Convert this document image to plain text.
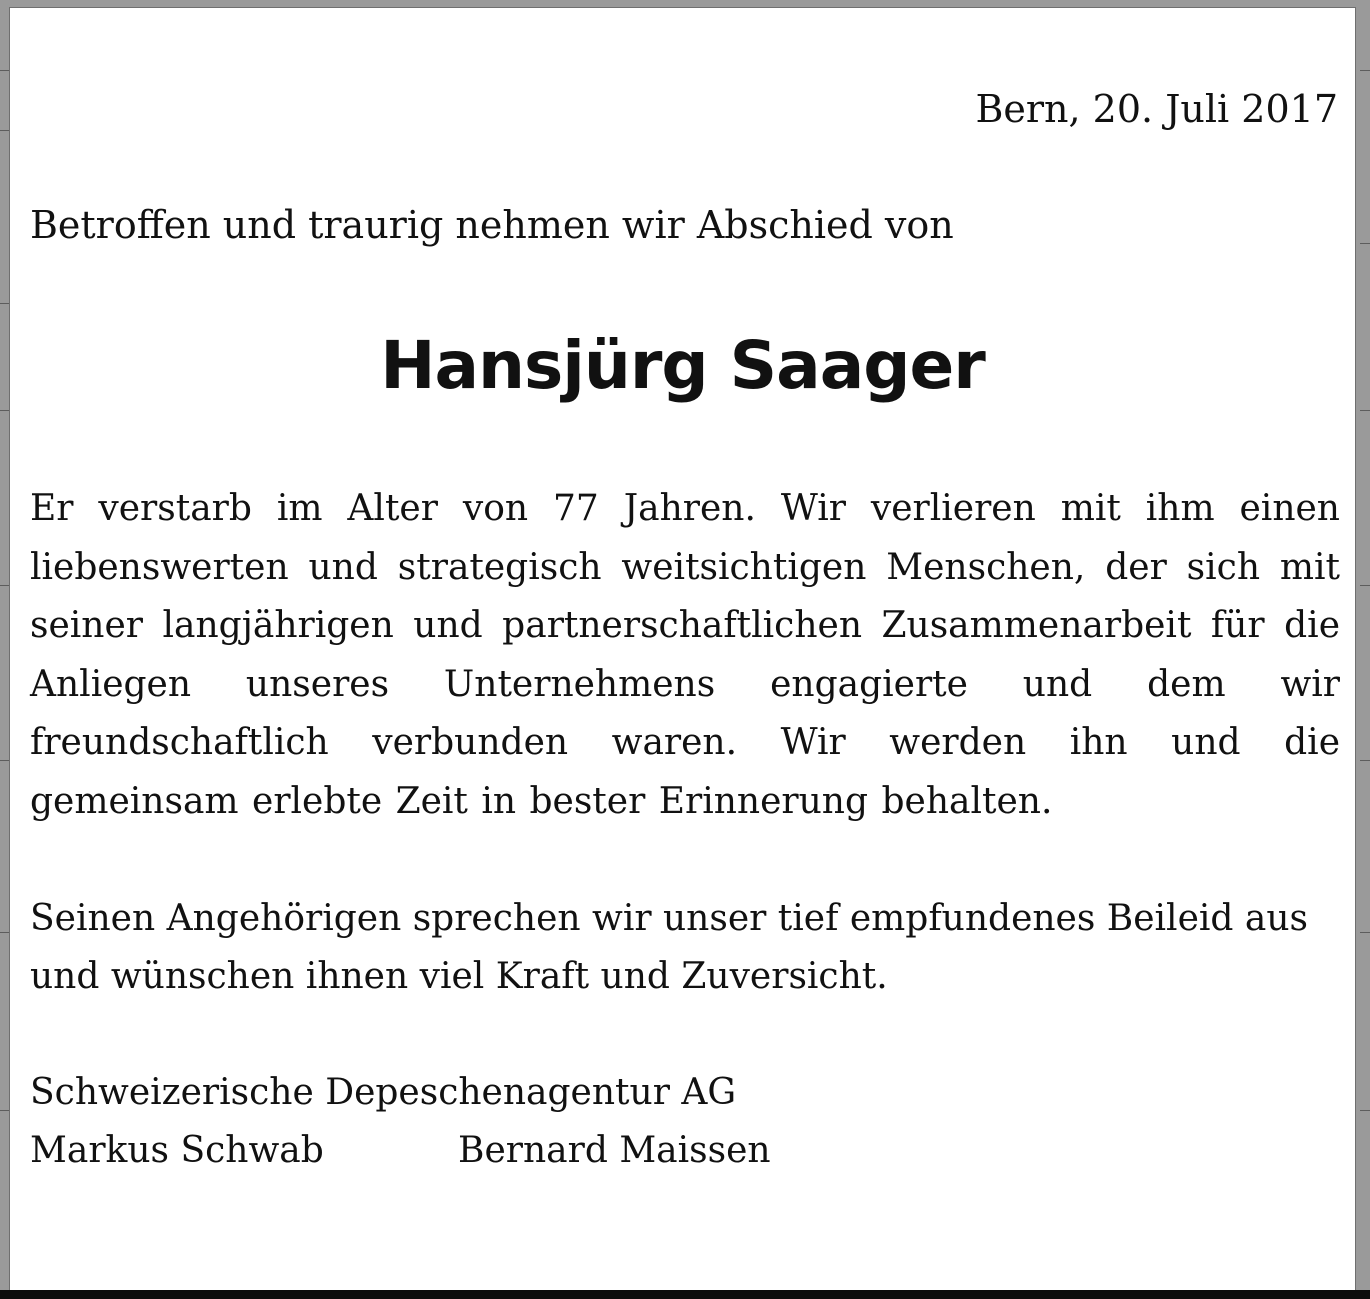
Bern, 20. Juli 2017
Betroffen und traurig nehmen wir Abschied von
Hansjürg Saager
Er verstarb im Alter von 77 Jahren. Wir verlieren mit ihm einen liebenswerten und strategisch weitsichtigen Menschen, der sich mit seiner langjährigen und partnerschaftlichen Zusammenarbeit für die Anliegen unseres Unternehmens engagierte und dem wir freundschaftlich verbunden waren. Wir werden ihn und die gemeinsam erlebte Zeit in bester Erinnerung behalten.
Seinen Angehörigen sprechen wir unser tief empfundenes Beileid aus und wünschen ihnen viel Kraft und Zuversicht.
Schweizerische Depeschenagentur AG
Markus Schwab	Bernard Maissen
